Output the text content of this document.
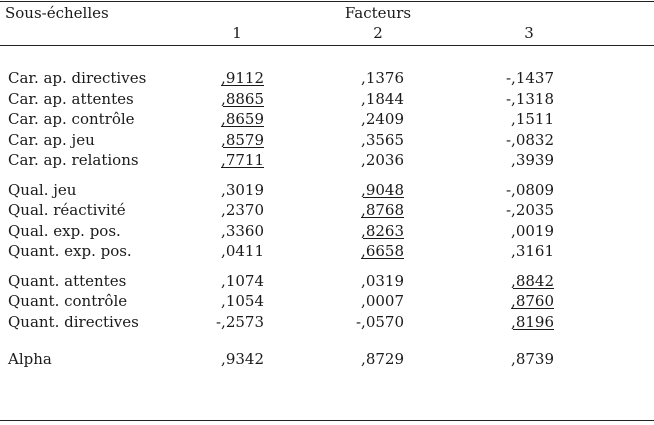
Sous-échelles	Facteurs
1	2	3
Car. ap. directives	,9112	,1376	-,1437
Car. ap. attentes	,8865	,1844	-,1318
Car. ap. contrôle	,8659	,2409	,1511
Car. ap. jeu	,8579	,3565	-,0832
Car. ap. relations	,7711	,2036	,3939
Qual. jeu	,3019	,9048	-,0809
Qual. réactivité	,2370	,8768	-,2035
Qual. exp. pos.	,3360	,8263	,0019
Quant. exp. pos.	,0411	,6658	,3161
Quant. attentes	,1074	,0319	,8842
Quant. contrôle	,1054	,0007	,8760
Quant. directives	-,2573	-,0570	,8196
Alpha	,9342	,8729	,8739
